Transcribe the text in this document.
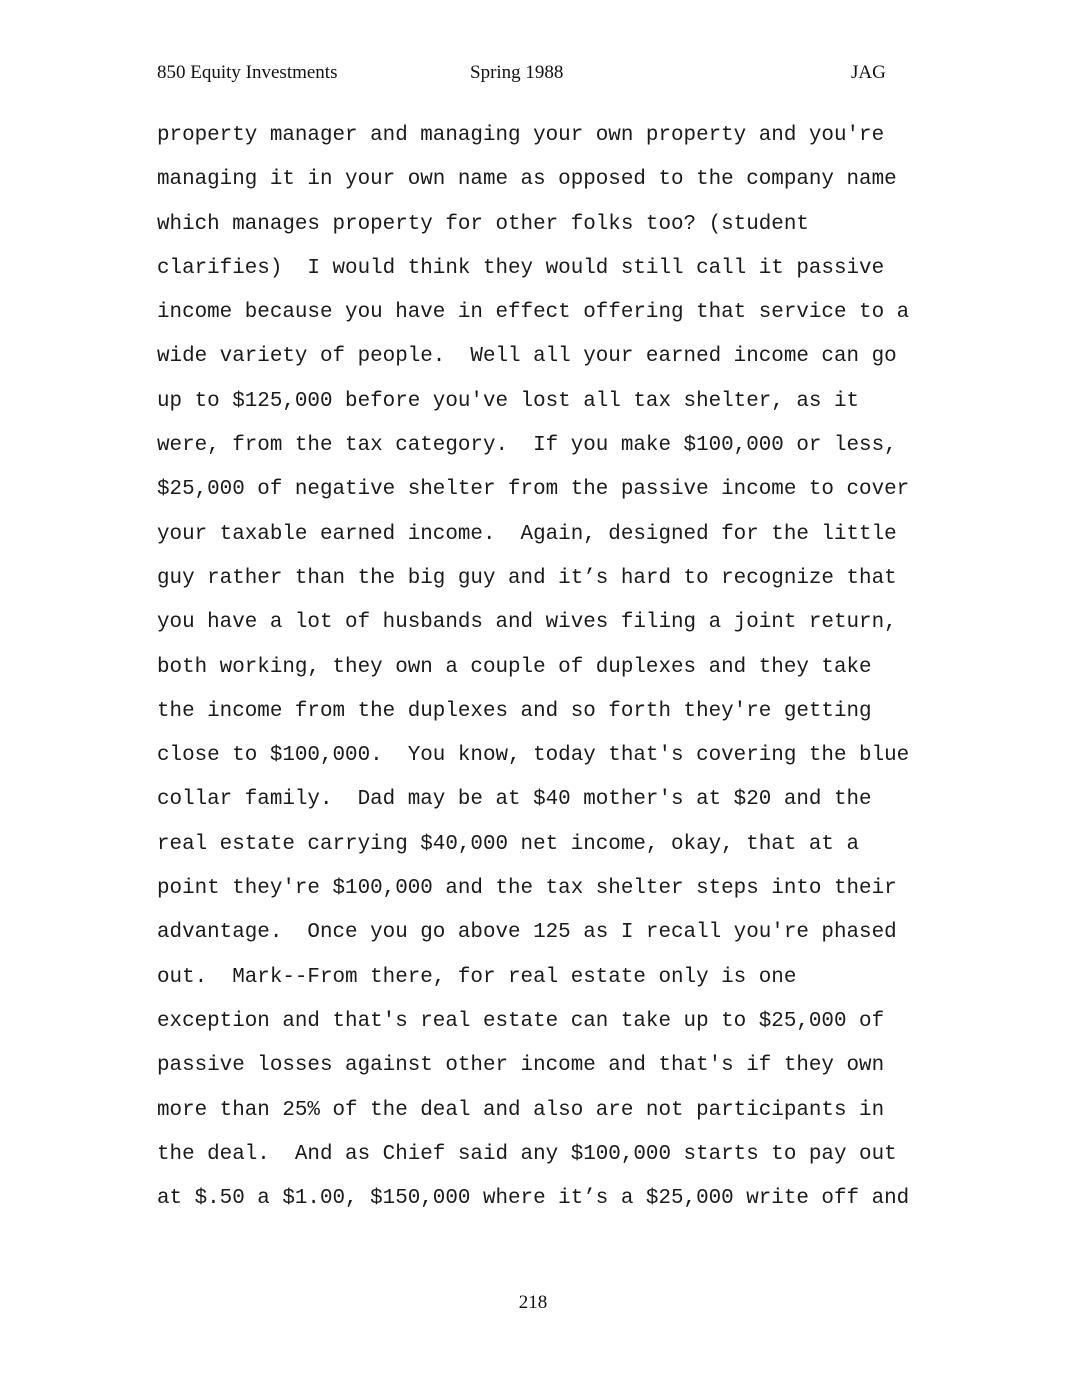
850 Equity Investments	Spring 1988	JAG
property manager and managing your own property and you're
managing it in your own name as opposed to the company name
which manages property for other folks too? (student
clarifies)  I would think they would still call it passive
income because you have in effect offering that service to a
wide variety of people.  Well all your earned income can go
up to $125,000 before you've lost all tax shelter, as it
were, from the tax category.  If you make $100,000 or less,
$25,000 of negative shelter from the passive income to cover
your taxable earned income.  Again, designed for the little
guy rather than the big guy and it’s hard to recognize that
you have a lot of husbands and wives filing a joint return,
both working, they own a couple of duplexes and they take
the income from the duplexes and so forth they're getting
close to $100,000.  You know, today that's covering the blue
collar family.  Dad may be at $40 mother's at $20 and the
real estate carrying $40,000 net income, okay, that at a
point they're $100,000 and the tax shelter steps into their
advantage.  Once you go above 125 as I recall you're phased
out.  Mark--From there, for real estate only is one
exception and that's real estate can take up to $25,000 of
passive losses against other income and that's if they own
more than 25% of the deal and also are not participants in
the deal.  And as Chief said any $100,000 starts to pay out
at $.50 a $1.00, $150,000 where it’s a $25,000 write off and
218
